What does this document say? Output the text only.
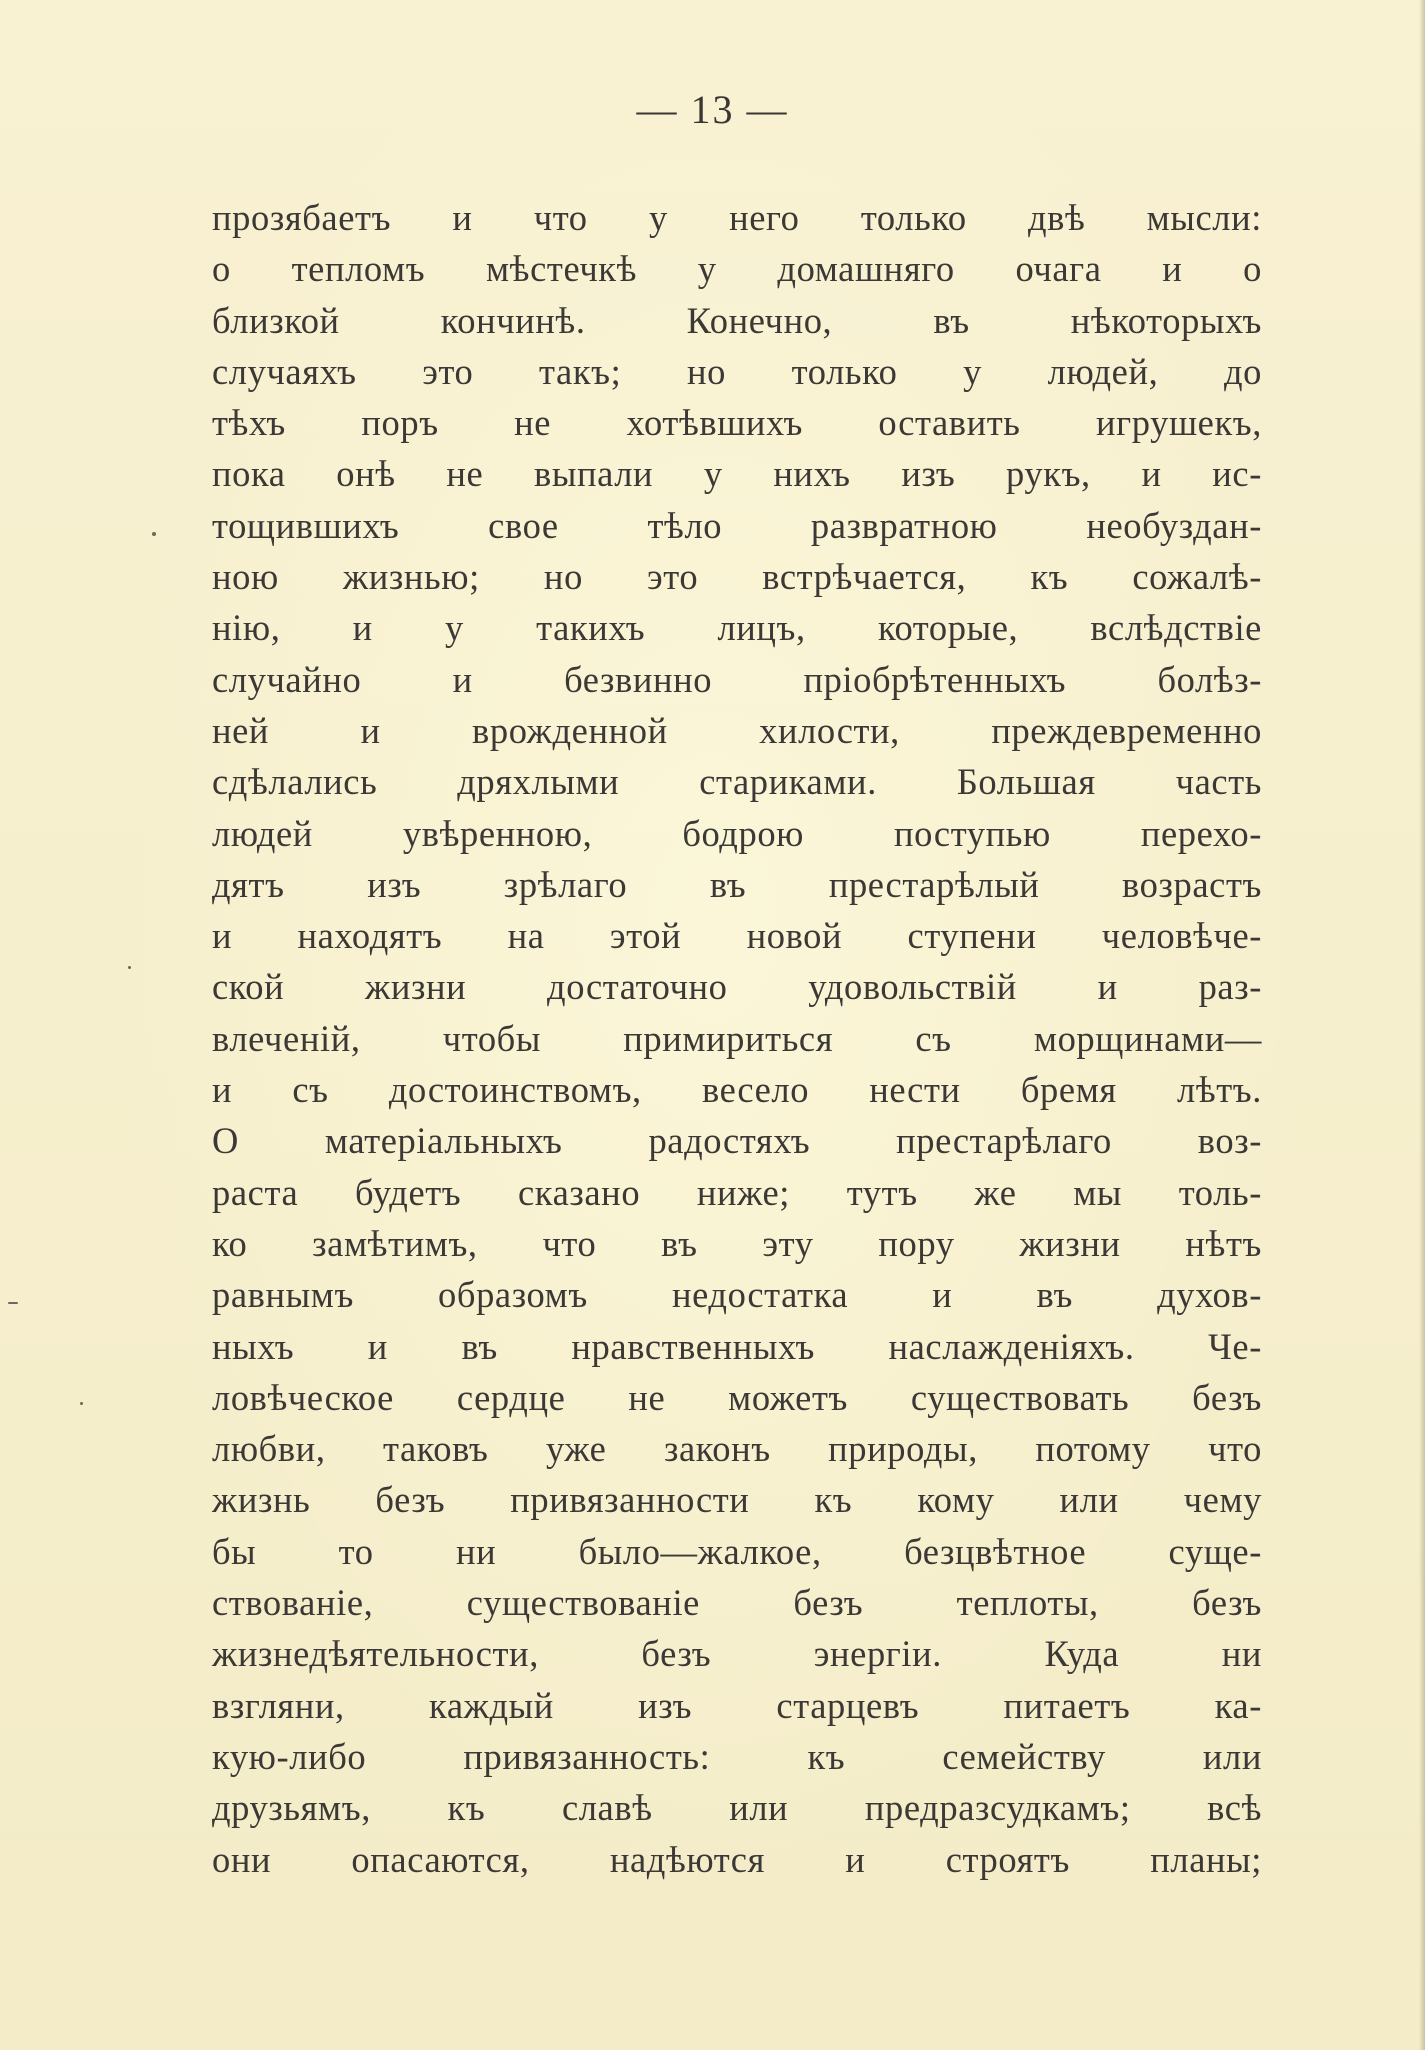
— 13 —
прозябаетъ и что у него только двѣ мысли:
о тепломъ мѣстечкѣ у домашняго очага и о
близкой кончинѣ. Конечно, въ нѣкоторыхъ
случаяхъ это такъ; но только у людей, до
тѣхъ поръ не хотѣвшихъ оставить игрушекъ,
пока онѣ не выпали у нихъ изъ рукъ, и ис-
тощившихъ свое тѣло развратною необуздан-
ною жизнью; но это встрѣчается, къ сожалѣ-
нію, и у такихъ лицъ, которые, вслѣдствіе
случайно и безвинно пріобрѣтенныхъ болѣз-
ней и врожденной хилости, преждевременно
сдѣлались дряхлыми стариками. Большая часть
людей увѣренною, бодрою поступью перехо-
дятъ изъ зрѣлаго въ престарѣлый возрастъ
и находятъ на этой новой ступени человѣче-
ской жизни достаточно удовольствій и раз-
влеченій, чтобы примириться съ морщинами—
и съ достоинствомъ, весело нести бремя лѣтъ.
О матеріальныхъ радостяхъ престарѣлаго воз-
раста будетъ сказано ниже; тутъ же мы толь-
ко замѣтимъ, что въ эту пору жизни нѣтъ
равнымъ образомъ недостатка и въ духов-
ныхъ и въ нравственныхъ наслажденіяхъ. Че-
ловѣческое сердце не можетъ существовать безъ
любви, таковъ уже законъ природы, потому что
жизнь безъ привязанности къ кому или чему
бы то ни было—жалкое, безцвѣтное суще-
ствованіе, существованіе безъ теплоты, безъ
жизнедѣятельности, безъ энергіи. Куда ни
взгляни, каждый изъ старцевъ питаетъ ка-
кую-либо привязанность: къ семейству или
друзьямъ, къ славѣ или предразсудкамъ; всѣ
они опасаются, надѣются и строятъ планы;
